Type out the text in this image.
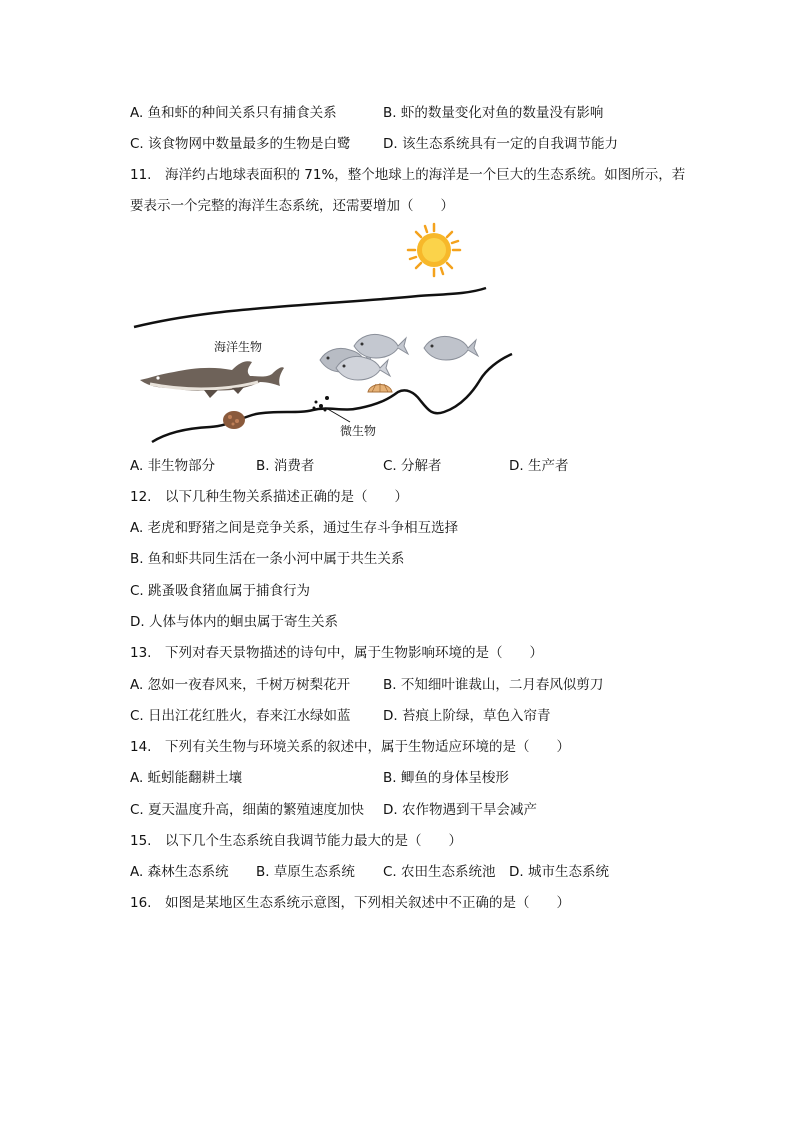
A. 鱼和虾的种间关系只有捕食关系	B. 虾的数量变化对鱼的数量没有影响
C. 该食物网中数量最多的生物是白鹭 D. 该生态系统具有一定的自我调节能力
11.　海洋约占地球表面积的 71%，整个地球上的海洋是一个巨大的生态系统。如图所示，若
要表示一个完整的海洋生态系统，还需要增加（　　）
海洋生物
微生物
A. 非生物部分	B. 消费者	C. 分解者	D. 生产者
12.　以下几种生物关系描述正确的是（　　）
A. 老虎和野猪之间是竞争关系，通过生存斗争相互选择
B. 鱼和虾共同生活在一条小河中属于共生关系
C. 跳蚤吸食猪血属于捕食行为
D. 人体与体内的蛔虫属于寄生关系
13.　下列对春天景物描述的诗句中，属于生物影响环境的是（　　）
A. 忽如一夜春风来，千树万树梨花开 B. 不知细叶谁裁山，二月春风似剪刀
C. 日出江花红胜火，春来江水绿如蓝 D. 苔痕上阶绿，草色入帘青
14.　下列有关生物与环境关系的叙述中，属于生物适应环境的是（　　）
A. 蚯蚓能翻耕土壤	B. 鲫鱼的身体呈梭形
C. 夏天温度升高，细菌的繁殖速度加快 D. 农作物遇到干旱会减产
15.　以下几个生态系统自我调节能力最大的是（　　）
A. 森林生态系统 B. 草原生态系统 C. 农田生态系统池 D. 城市生态系统
16.　如图是某地区生态系统示意图，下列相关叙述中不正确的是（　　）
